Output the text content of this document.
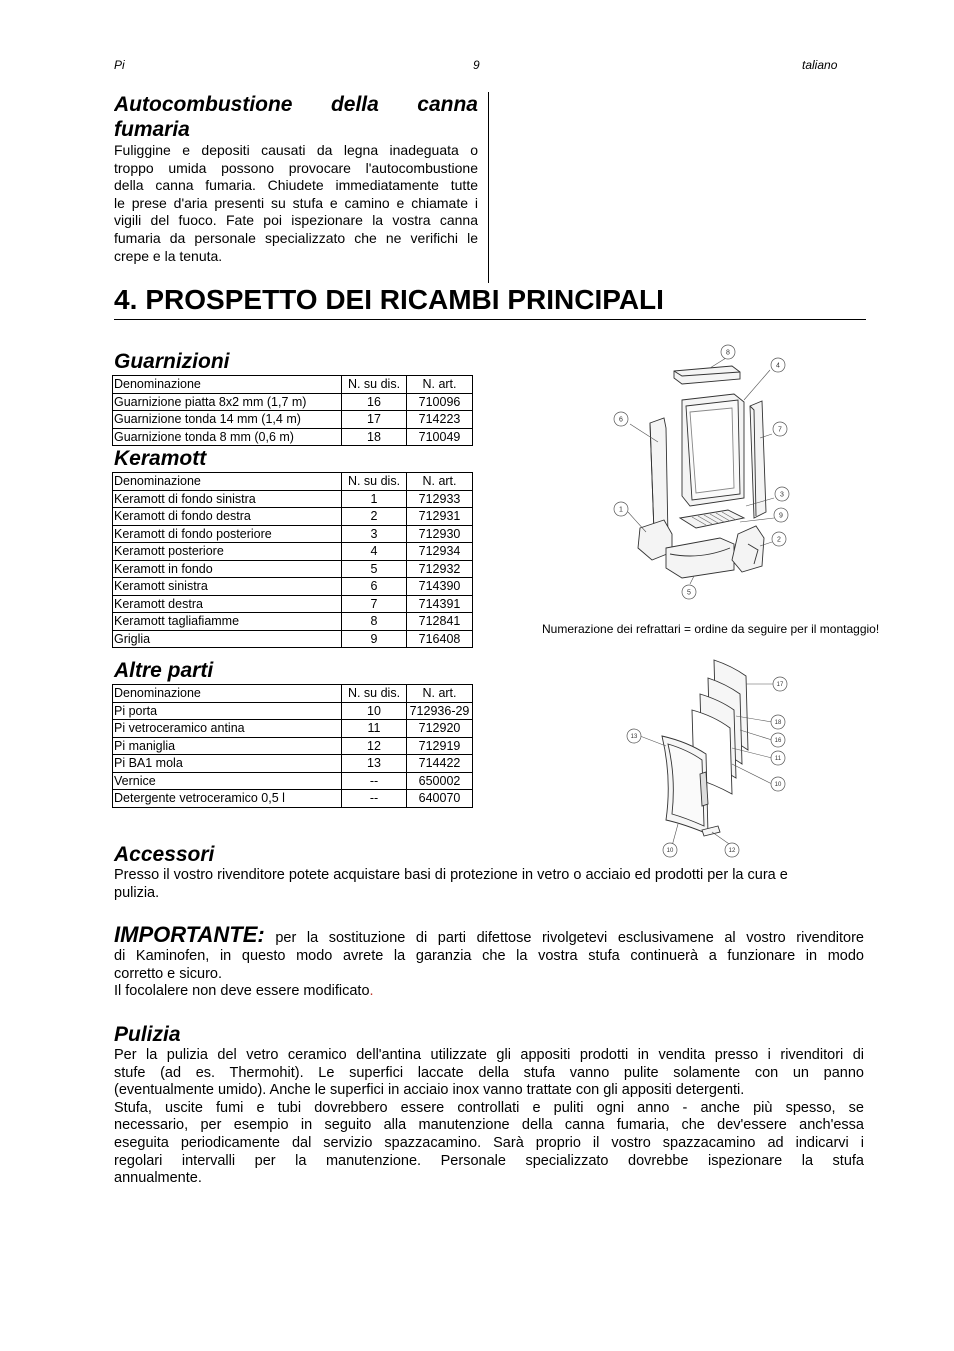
Pi	9	taliano
Autocombustione della canna
fumaria
Fuliggine e depositi causati da legna inadeguata o
troppo umida possono provocare l'autocombustione
della canna fumaria. Chiudete immediatamente tutte
le prese d'aria presenti su stufa e camino e chiamate i
vigili del fuoco. Fate poi ispezionare la vostra canna
fumaria da personale specializzato che ne verifichi le
crepe e la tenuta.
4. PROSPETTO DEI RICAMBI PRINCIPALI
Guarnizioni
Denominazione	N. su dis.	N. art.
Guarnizione piatta 8x2 mm (1,7 m)	16	710096
Guarnizione tonda 14 mm (1,4 m)	17	714223
Guarnizione tonda 8 mm (0,6 m)	18	710049
Keramott
Denominazione	N. su dis.	N. art.
Keramott di fondo sinistra	1	712933
Keramott di fondo destra	2	712931
Keramott di fondo posteriore	3	712930
Keramott posteriore	4	712934
Keramott in fondo	5	712932
Keramott sinistra	6	714390
Keramott destra	7	714391
Keramott tagliafiamme	8	712841
Griglia	9	716408
Altre parti
Denominazione	N. su dis.	N. art.
Pi porta	10	712936-29
Pi vetroceramico antina	11	712920
Pi maniglia	12	712919
Pi BA1 mola	13	714422
Vernice	--	650002
Detergente vetroceramico 0,5 l	--	640070
8
4
6
7
3
1
9
2
5
Numerazione dei refrattari = ordine da seguire per il montaggio!
17
18
16
11
10
13
12
10
Accessori
Presso il vostro rivenditore potete acquistare basi di protezione in vetro o acciaio ed prodotti per la cura e
pulizia.
IMPORTANTE: per la sostituzione di parti difettose rivolgetevi esclusivamene al vostro rivenditore
di Kaminofen, in questo modo avrete la garanzia che la vostra stufa continuerà a funzionare in modo
corretto e sicuro.
Il focolalere non deve essere modificato.
Pulizia
Per la pulizia del vetro ceramico dell'antina utilizzate gli appositi prodotti in vendita presso i rivenditori di
stufe (ad es. Thermohit). Le superfici laccate della stufa vanno pulite solamente con un panno
(eventualmente umido). Anche le superfici in acciaio inox vanno trattate con gli appositi detergenti.
Stufa, uscite fumi e tubi dovrebbero essere controllati e puliti ogni anno - anche più spesso, se
necessario, per esempio in seguito alla manutenzione della canna fumaria, che dev'essere anch'essa
eseguita periodicamente dal servizio spazzacamino. Sarà proprio il vostro spazzacamino ad indicarvi i
regolari intervalli per la manutenzione. Personale specializzato dovrebbe ispezionare la stufa
annualmente.
